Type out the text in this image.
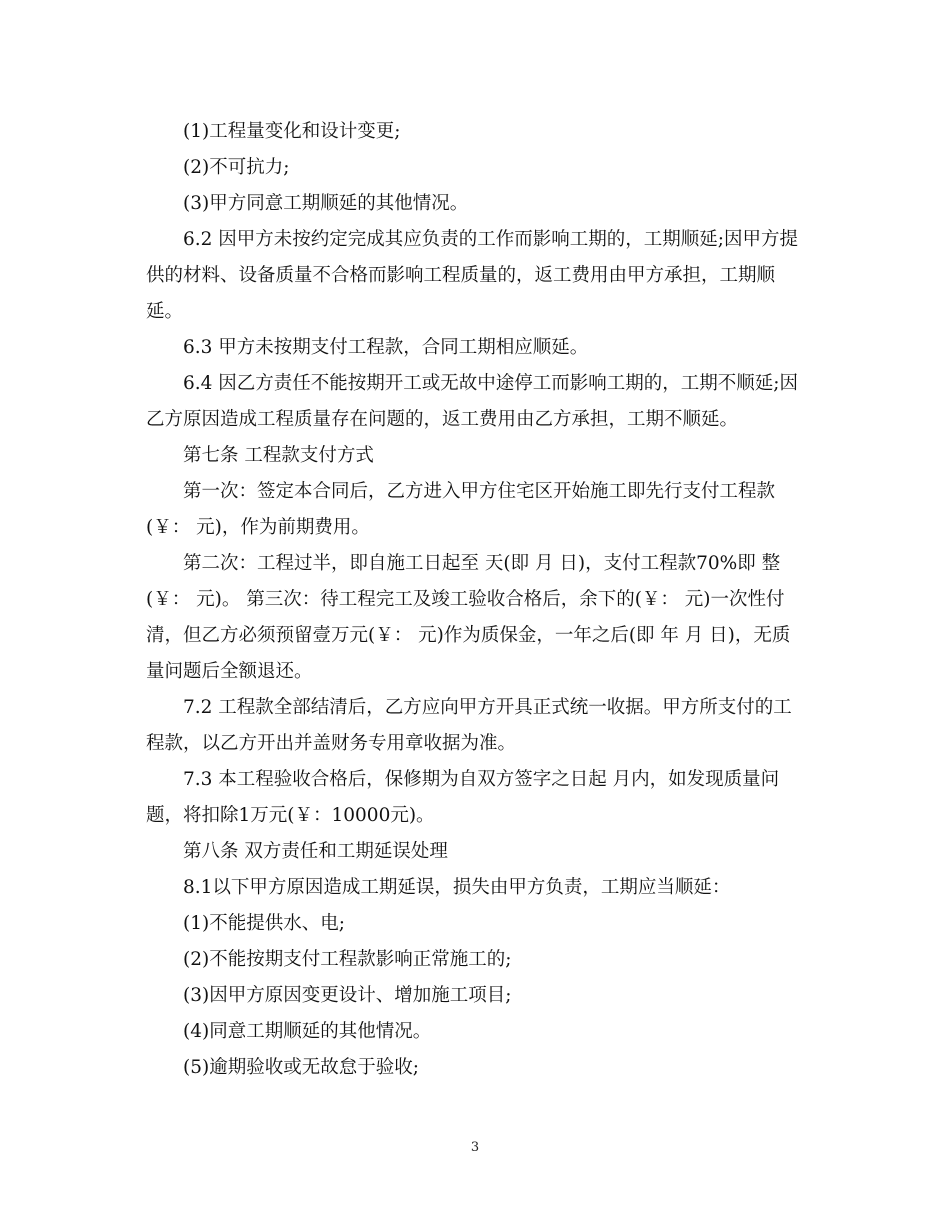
(1)工程量变化和设计变更;

(2)不可抗力;

(3)甲方同意工期顺延的其他情况。

6.2 因甲方未按约定完成其应负责的工作而影响工期的，工期顺延;因甲方提供的材料、设备质量不合格而影响工程质量的，返工费用由甲方承担，工期顺延。

6.3 甲方未按期支付工程款，合同工期相应顺延。

6.4 因乙方责任不能按期开工或无故中途停工而影响工期的，工期不顺延;因乙方原因造成工程质量存在问题的，返工费用由乙方承担，工期不顺延。

第七条 工程款支付方式

第一次：签定本合同后，乙方进入甲方住宅区开始施工即先行支付工程款(￥： 元)，作为前期费用。

第二次：工程过半，即自施工日起至 天(即 月 日)，支付工程款70%即 整(￥： 元)。 第三次：待工程完工及竣工验收合格后，余下的(￥： 元)一次性付清，但乙方必须预留壹万元(￥： 元)作为质保金，一年之后(即 年 月 日)，无质量问题后全额退还。

7.2 工程款全部结清后，乙方应向甲方开具正式统一收据。甲方所支付的工程款，以乙方开出并盖财务专用章收据为准。

7.3 本工程验收合格后，保修期为自双方签字之日起 月内，如发现质量问题，将扣除1万元(￥：10000元)。

第八条 双方责任和工期延误处理

8.1以下甲方原因造成工期延误，损失由甲方负责，工期应当顺延：

(1)不能提供水、电;

(2)不能按期支付工程款影响正常施工的;

(3)因甲方原因变更设计、增加施工项目;

(4)同意工期顺延的其他情况。

(5)逾期验收或无故怠于验收;

3
